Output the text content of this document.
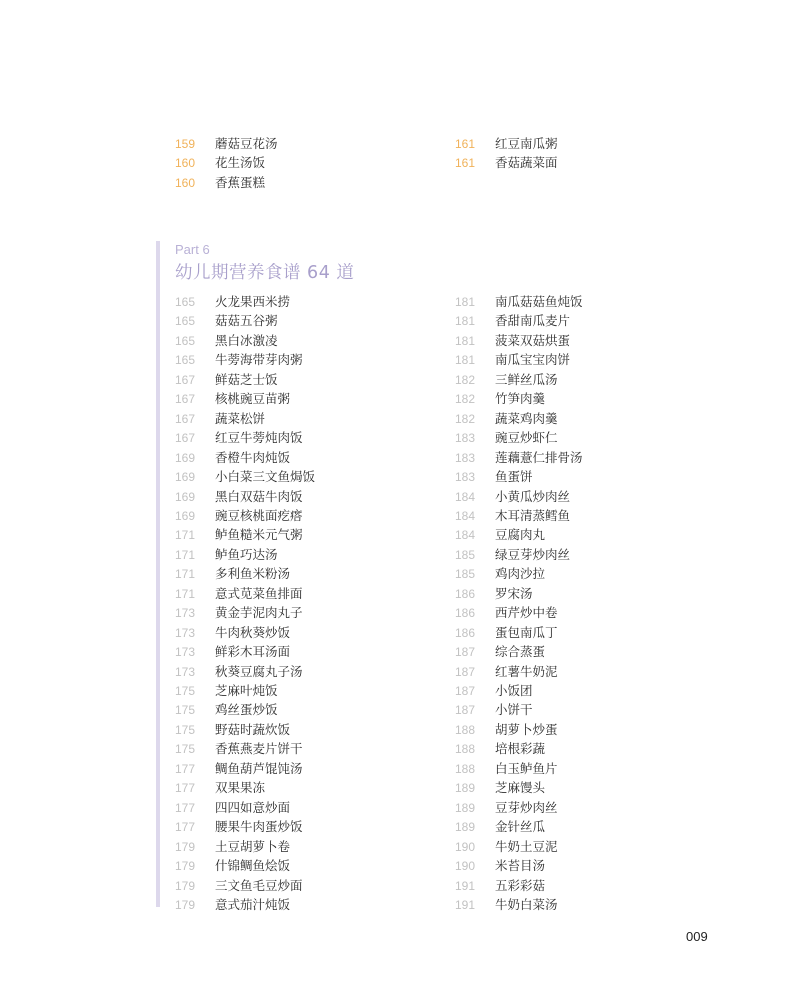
159	蘑菇豆花汤
160	花生汤饭
160	香蕉蛋糕
161	红豆南瓜粥
161	香菇蔬菜面
Part 6
幼儿期营养食谱 64 道
165	火龙果西米捞
165	菇菇五谷粥
165	黑白冰激凌
165	牛蒡海带芽肉粥
167	鲜菇芝士饭
167	核桃豌豆苗粥
167	蔬菜松饼
167	红豆牛蒡炖肉饭
169	香橙牛肉炖饭
169	小白菜三文鱼焗饭
169	黑白双菇牛肉饭
169	豌豆核桃面疙瘩
171	鲈鱼糙米元气粥
171	鲈鱼巧达汤
171	多利鱼米粉汤
171	意式苋菜鱼排面
173	黄金芋泥肉丸子
173	牛肉秋葵炒饭
173	鲜彩木耳汤面
173	秋葵豆腐丸子汤
175	芝麻叶炖饭
175	鸡丝蛋炒饭
175	野菇时蔬炊饭
175	香蕉燕麦片饼干
177	鲷鱼葫芦馄饨汤
177	双果果冻
177	四四如意炒面
177	腰果牛肉蛋炒饭
179	土豆胡萝卜卷
179	什锦鲷鱼烩饭
179	三文鱼毛豆炒面
179	意式茄汁炖饭
181	南瓜菇菇鱼炖饭
181	香甜南瓜麦片
181	菠菜双菇烘蛋
181	南瓜宝宝肉饼
182	三鲜丝瓜汤
182	竹笋肉羹
182	蔬菜鸡肉羹
183	豌豆炒虾仁
183	莲藕薏仁排骨汤
183	鱼蛋饼
184	小黄瓜炒肉丝
184	木耳清蒸鳕鱼
184	豆腐肉丸
185	绿豆芽炒肉丝
185	鸡肉沙拉
186	罗宋汤
186	西芹炒中卷
186	蛋包南瓜丁
187	综合蒸蛋
187	红薯牛奶泥
187	小饭团
187	小饼干
188	胡萝卜炒蛋
188	培根彩蔬
188	白玉鲈鱼片
189	芝麻馒头
189	豆芽炒肉丝
189	金针丝瓜
190	牛奶土豆泥
190	米苔目汤
191	五彩彩菇
191	牛奶白菜汤
009
